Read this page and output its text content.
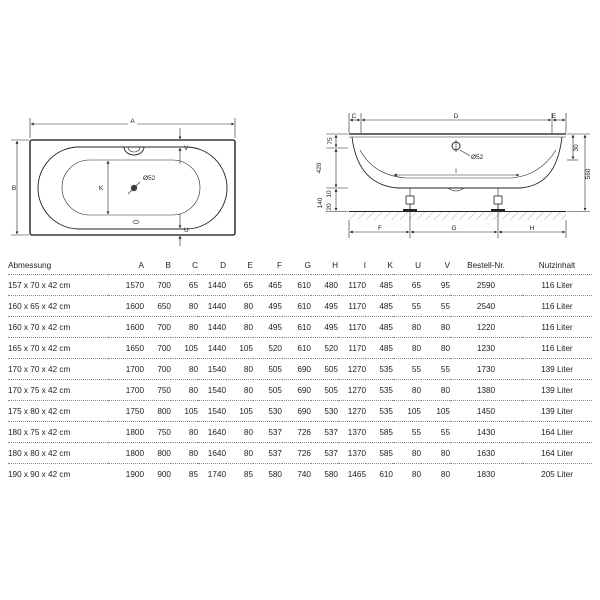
A
B	K
Ø52
V
U
C	D	E
Ø52
I
F	G	H
75
420
10
140 20
30
560
Abmessung	A	B	C	D	E	F	G	H	I	K	U	V	Bestell-Nr.	Nutzinhalt
157 x 70 x 42 cm	1570	700	65	1440	65	465	610	480	1170	485	65	95	2590	116 Liter
160 x 65 x 42 cm	1600	650	80	1440	80	495	610	495	1170	485	55	55	2540	116 Liter
160 x 70 x 42 cm	1600	700	80	1440	80	495	610	495	1170	485	80	80	1220	116 Liter
165 x 70 x 42 cm	1650	700	105	1440	105	520	610	520	1170	485	80	80	1230	116 Liter
170 x 70 x 42 cm	1700	700	80	1540	80	505	690	505	1270	535	55	55	1730	139 Liter
170 x 75 x 42 cm	1700	750	80	1540	80	505	690	505	1270	535	80	80	1380	139 Liter
175 x 80 x 42 cm	1750	800	105	1540	105	530	690	530	1270	535	105	105	1450	139 Liter
180 x 75 x 42 cm	1800	750	80	1640	80	537	726	537	1370	585	55	55	1430	164 Liter
180 x 80 x 42 cm	1800	800	80	1640	80	537	726	537	1370	585	80	80	1630	164 Liter
190 x 90 x 42 cm	1900	900	85	1740	85	580	740	580	1465	610	80	80	1830	205 Liter
